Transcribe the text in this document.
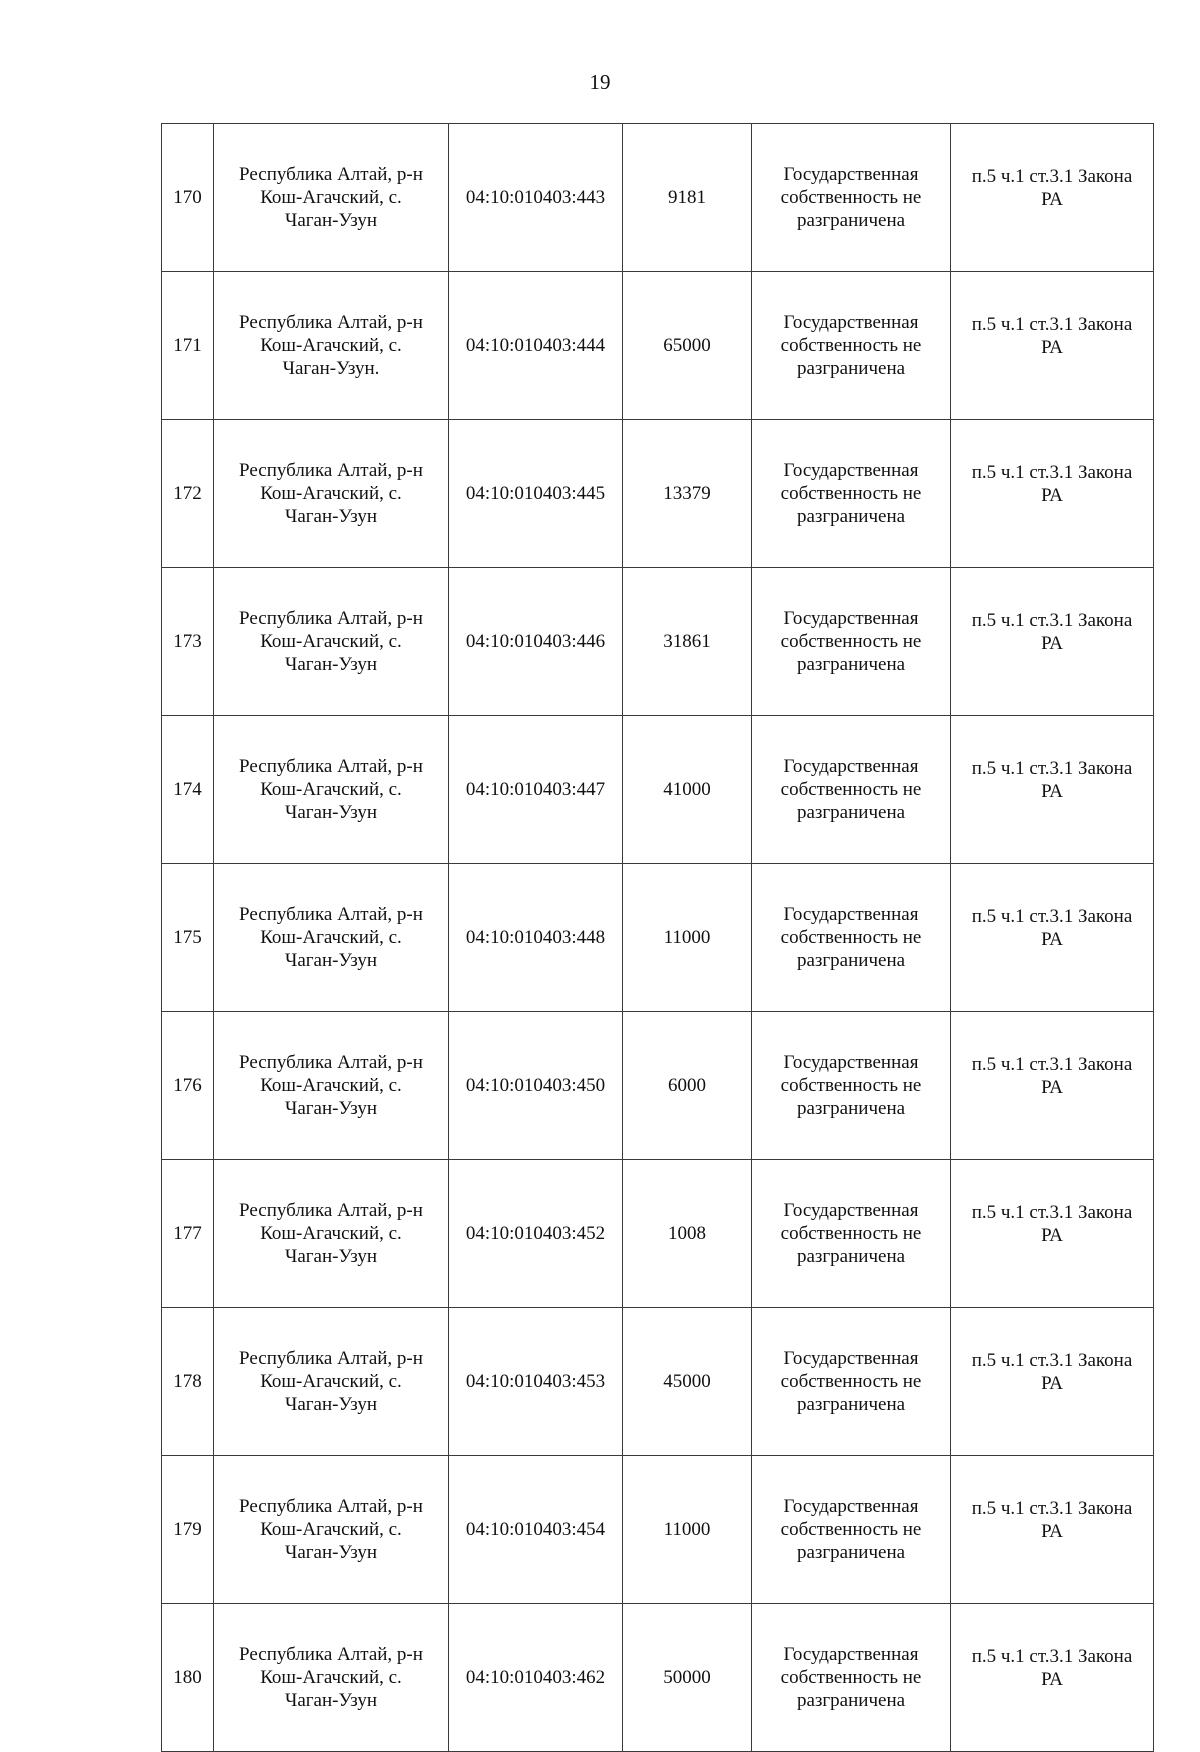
19
170	Республика Алтай, р-н
Кош-Агачский, с.
Чаган-Узун	04:10:010403:443	9181	Государственная
собственность не
разграничена	п.5 ч.1 ст.3.1 Закона
РА

171	Республика Алтай, р-н
Кош-Агачский, с.
Чаган-Узун.	04:10:010403:444	65000	Государственная
собственность не
разграничена	п.5 ч.1 ст.3.1 Закона
РА

172	Республика Алтай, р-н
Кош-Агачский, с.
Чаган-Узун	04:10:010403:445	13379	Государственная
собственность не
разграничена	п.5 ч.1 ст.3.1 Закона
РА

173	Республика Алтай, р-н
Кош-Агачский, с.
Чаган-Узун	04:10:010403:446	31861	Государственная
собственность не
разграничена	п.5 ч.1 ст.3.1 Закона
РА

174	Республика Алтай, р-н
Кош-Агачский, с.
Чаган-Узун	04:10:010403:447	41000	Государственная
собственность не
разграничена	п.5 ч.1 ст.3.1 Закона
РА

175	Республика Алтай, р-н
Кош-Агачский, с.
Чаган-Узун	04:10:010403:448	11000	Государственная
собственность не
разграничена	п.5 ч.1 ст.3.1 Закона
РА

176	Республика Алтай, р-н
Кош-Агачский, с.
Чаган-Узун	04:10:010403:450	6000	Государственная
собственность не
разграничена	п.5 ч.1 ст.3.1 Закона
РА

177	Республика Алтай, р-н
Кош-Агачский, с.
Чаган-Узун	04:10:010403:452	1008	Государственная
собственность не
разграничена	п.5 ч.1 ст.3.1 Закона
РА

178	Республика Алтай, р-н
Кош-Агачский, с.
Чаган-Узун	04:10:010403:453	45000	Государственная
собственность не
разграничена	п.5 ч.1 ст.3.1 Закона
РА

179	Республика Алтай, р-н
Кош-Агачский, с.
Чаган-Узун	04:10:010403:454	11000	Государственная
собственность не
разграничена	п.5 ч.1 ст.3.1 Закона
РА

180	Республика Алтай, р-н
Кош-Агачский, с.
Чаган-Узун	04:10:010403:462	50000	Государственная
собственность не
разграничена	п.5 ч.1 ст.3.1 Закона
РА
